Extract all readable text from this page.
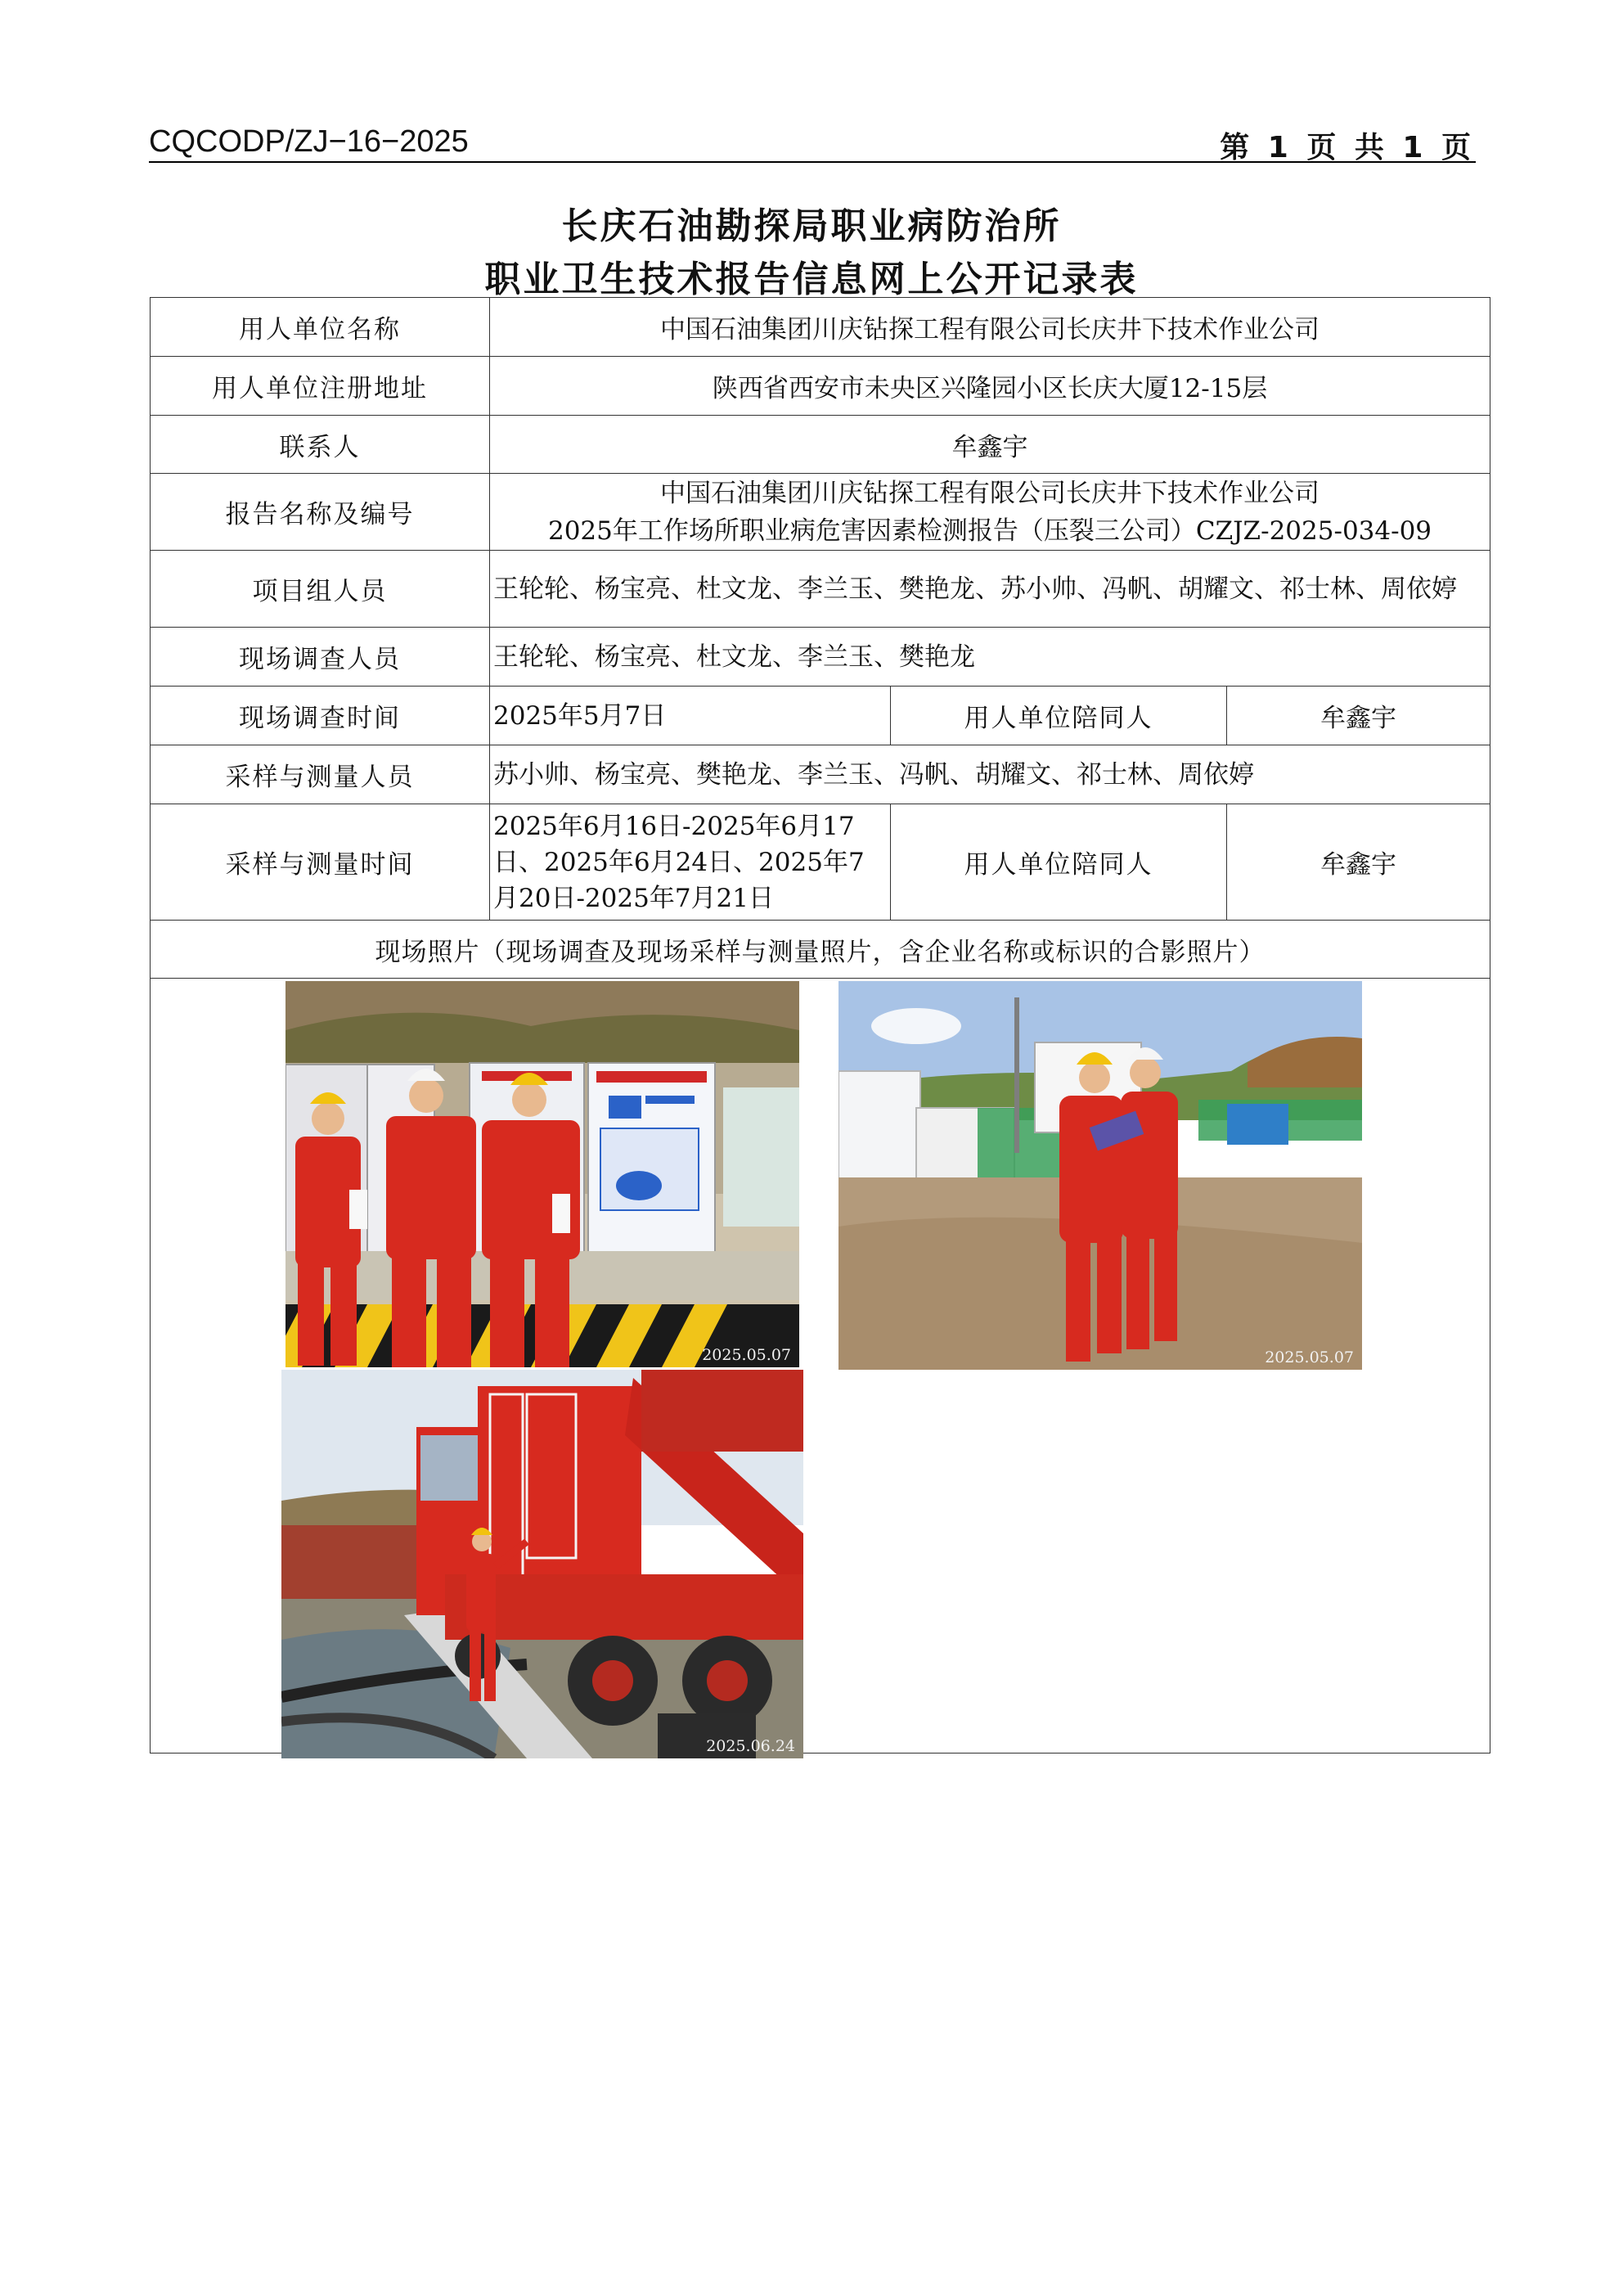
CQCODP/ZJ−16−2025	第 1 页 共 1 页
长庆石油勘探局职业病防治所
职业卫生技术报告信息网上公开记录表
用人单位名称	中国石油集团川庆钻探工程有限公司长庆井下技术作业公司		
用人单位注册地址	陕西省西安市未央区兴隆园小区长庆大厦12-15层		
联系人	牟鑫宇		
报告名称及编号	中国石油集团川庆钻探工程有限公司长庆井下技术作业公司
2025年工作场所职业病危害因素检测报告（压裂三公司）CZJZ-2025-034-09		

项目组人员	王轮轮、杨宝亮、杜文龙、李兰玉、樊艳龙、苏小帅、冯帆、胡耀文、祁士林、周依婷		
现场调查人员	王轮轮、杨宝亮、杜文龙、李兰玉、樊艳龙		
现场调查时间	2025年5月7日	用人单位陪同人	牟鑫宇
采样与测量人员	苏小帅、杨宝亮、樊艳龙、李兰玉、冯帆、胡耀文、祁士林、周依婷		
采样与测量时间	2025年6月16日-2025年6月17日、2025年6月24日、2025年7月20日-2025年7月21日	用人单位陪同人	牟鑫宇
现场照片（现场调查及现场采样与测量照片，含企业名称或标识的合影照片）			

2025.05.07 2025.05.07
2025.06.24			
